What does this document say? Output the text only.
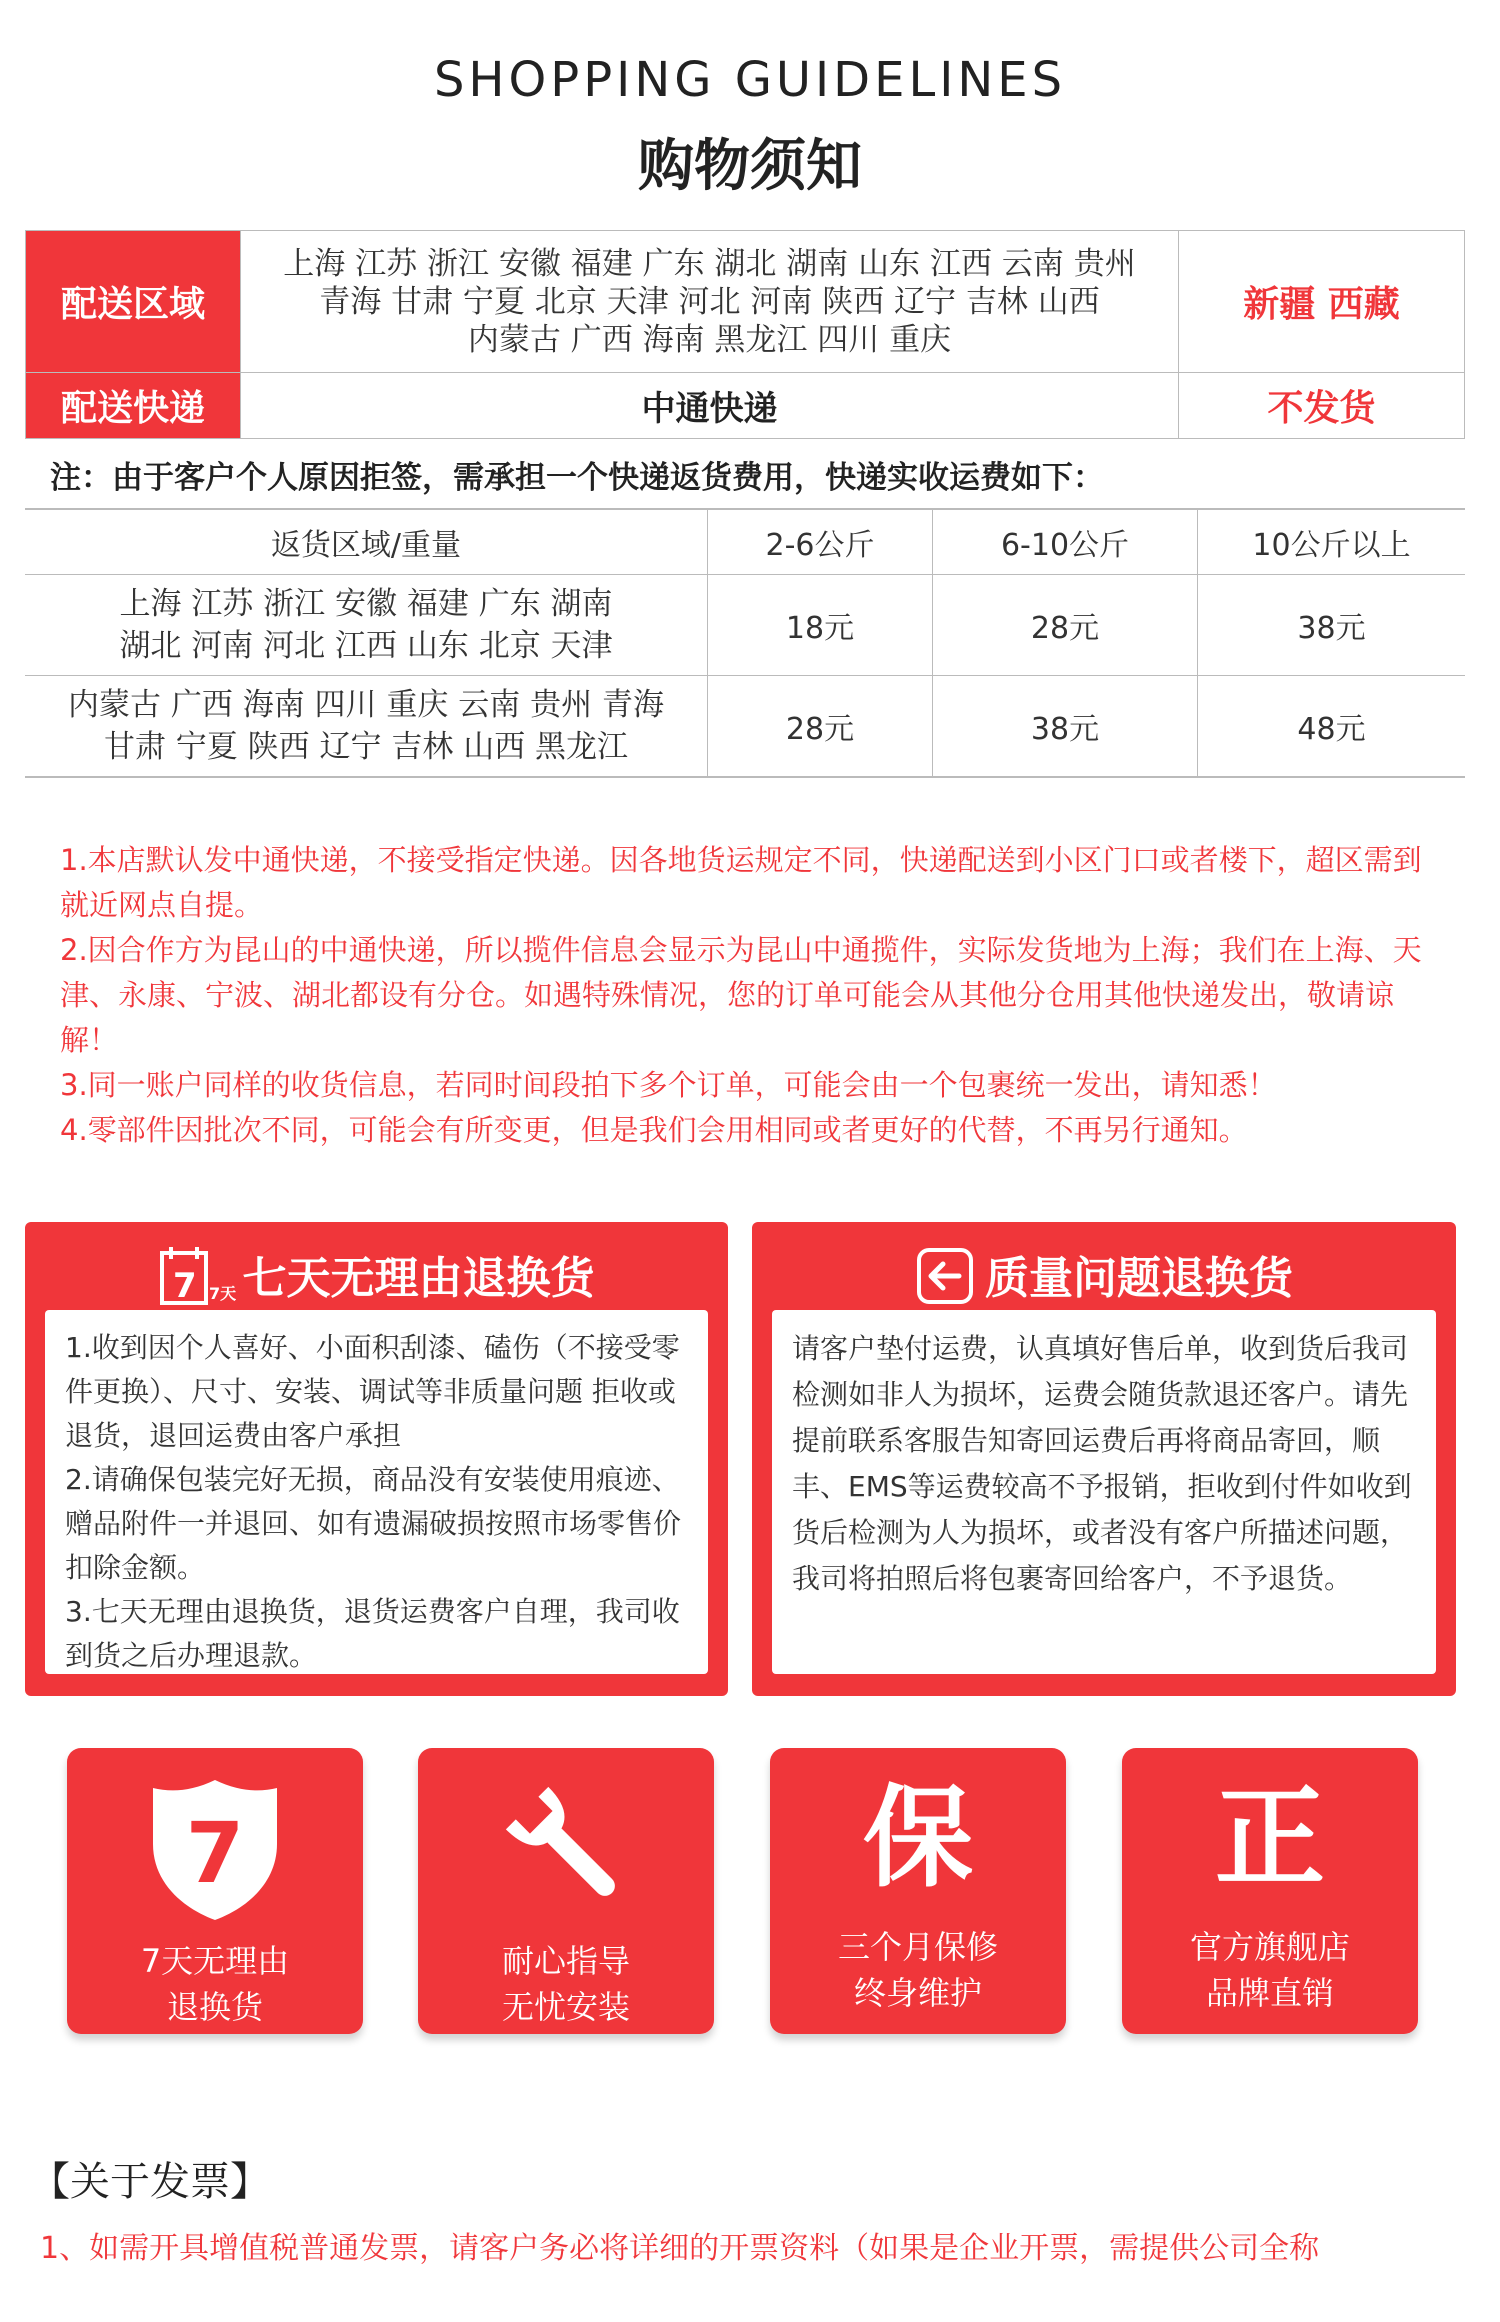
SHOPPING GUIDELINES
购物须知
配送区域	上海 江苏 浙江 安徽 福建 广东 湖北 湖南 山东 江西 云南 贵州
青海 甘肃 宁夏 北京 天津 河北 河南 陕西 辽宁 吉林 山西
内蒙古 广西 海南 黑龙江 四川 重庆	新疆 西藏
配送快递	中通快递	不发货
注：由于客户个人原因拒签，需承担一个快递返货费用，快递实收运费如下：
返货区域/重量	2-6公斤	6-10公斤	10公斤以上

上海 江苏 浙江 安徽 福建 广东 湖南
湖北 河南 河北 江西 山东 北京 天津	18元	28元	38元

内蒙古 广西 海南 四川 重庆 云南 贵州 青海
甘肃 宁夏 陕西 辽宁 吉林 山西 黑龙江	28元	38元	48元

1.本店默认发中通快递，不接受指定快递。因各地货运规定不同，快递配送到小区门口或者楼下，超区需到就近网点自提。

2.因合作方为昆山的中通快递，所以揽件信息会显示为昆山中通揽件，实际发货地为上海；我们在上海、天津、永康、宁波、湖北都设有分仓。如遇特殊情况，您的订单可能会从其他分仓用其他快递发出，敬请谅解！

3.同一账户同样的收货信息，若同时间段拍下多个订单，可能会由一个包裹统一发出，请知悉！

4.零部件因批次不同，可能会有所变更，但是我们会用相同或者更好的代替，不再另行通知。

7 7天 七天无理由退换货

1.收到因个人喜好、小面积刮漆、磕伤（不接受零件更换）、尺寸、安装、调试等非质量问题 拒收或退货，退回运费由客户承担

2.请确保包装完好无损，商品没有安装使用痕迹、赠品附件一并退回、如有遗漏破损按照市场零售价扣除金额。

3.七天无理由退换货，退货运费客户自理，我司收到货之后办理退款。

质量问题退换货

请客户垫付运费，认真填好售后单，收到货后我司检测如非人为损坏，运费会随货款退还客户。请先提前联系客服告知寄回运费后再将商品寄回，顺丰、EMS等运费较高不予报销，拒收到付件如收到货后检测为人为损坏，或者没有客户所描述问题，我司将拍照后将包裹寄回给客户，不予退货。

7
7天无理由
退换货
耐心指导
无忧安装
保
三个月保修
终身维护
正
官方旗舰店
品牌直销
【关于发票】
1、如需开具增值税普通发票，请客户务必将详细的开票资料（如果是企业开票，需提供公司全称
